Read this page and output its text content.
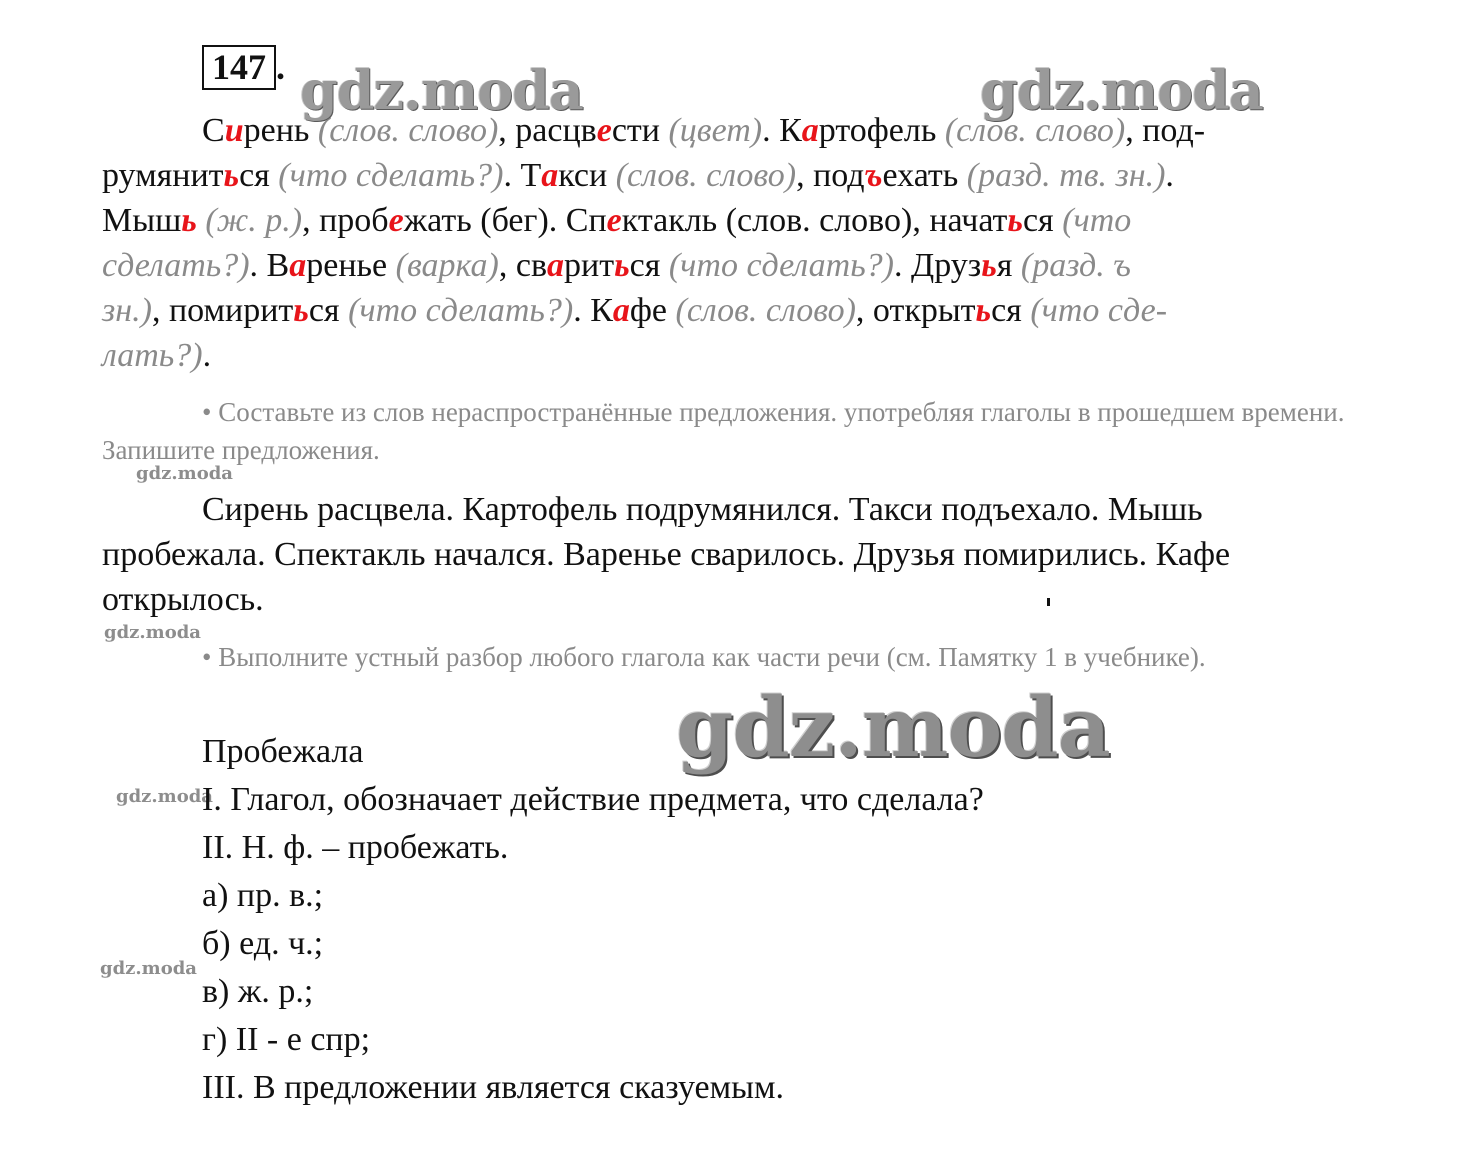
147 . gdz.moda	gdz.moda
gdz.moda
gdz.moda
gdz.moda
gdz.moda
gdz.moda

Сирень (слов. слово), расцвести (цвет). Картофель (слов. слово), под-

румяниться (что сделать?). Такси (слов. слово), подъехать (разд. тв. зн.).

Мышь (ж. р.), пробежать (бег). Спектакль (слов. слово), начаться (что

сделать?). Варенье (варка), свариться (что сделать?). Друзья (разд. ъ

зн.), помириться (что сделать?). Кафе (слов. слово), открыться (что сде-

лать?).

• Составьте из слов нераспространённые предложения. употребляя глаголы в прошедшем времени. Запишите предложения.

Сирень расцвела. Картофель подрумянился. Такси подъехало. Мышь пробежала. Спектакль начался. Варенье сварилось. Друзья помирились. Кафе открылось.

• Выполните устный разбор любого глагола как части речи (см. Памятку 1 в учебнике).

Пробежала
I. Глагол, обозначает действие предмета, что сделала?
II. Н. ф. – пробежать.
а) пр. в.;
б) ед. ч.;
в) ж. р.;
г) II - е спр;
III. В предложении является сказуемым.
